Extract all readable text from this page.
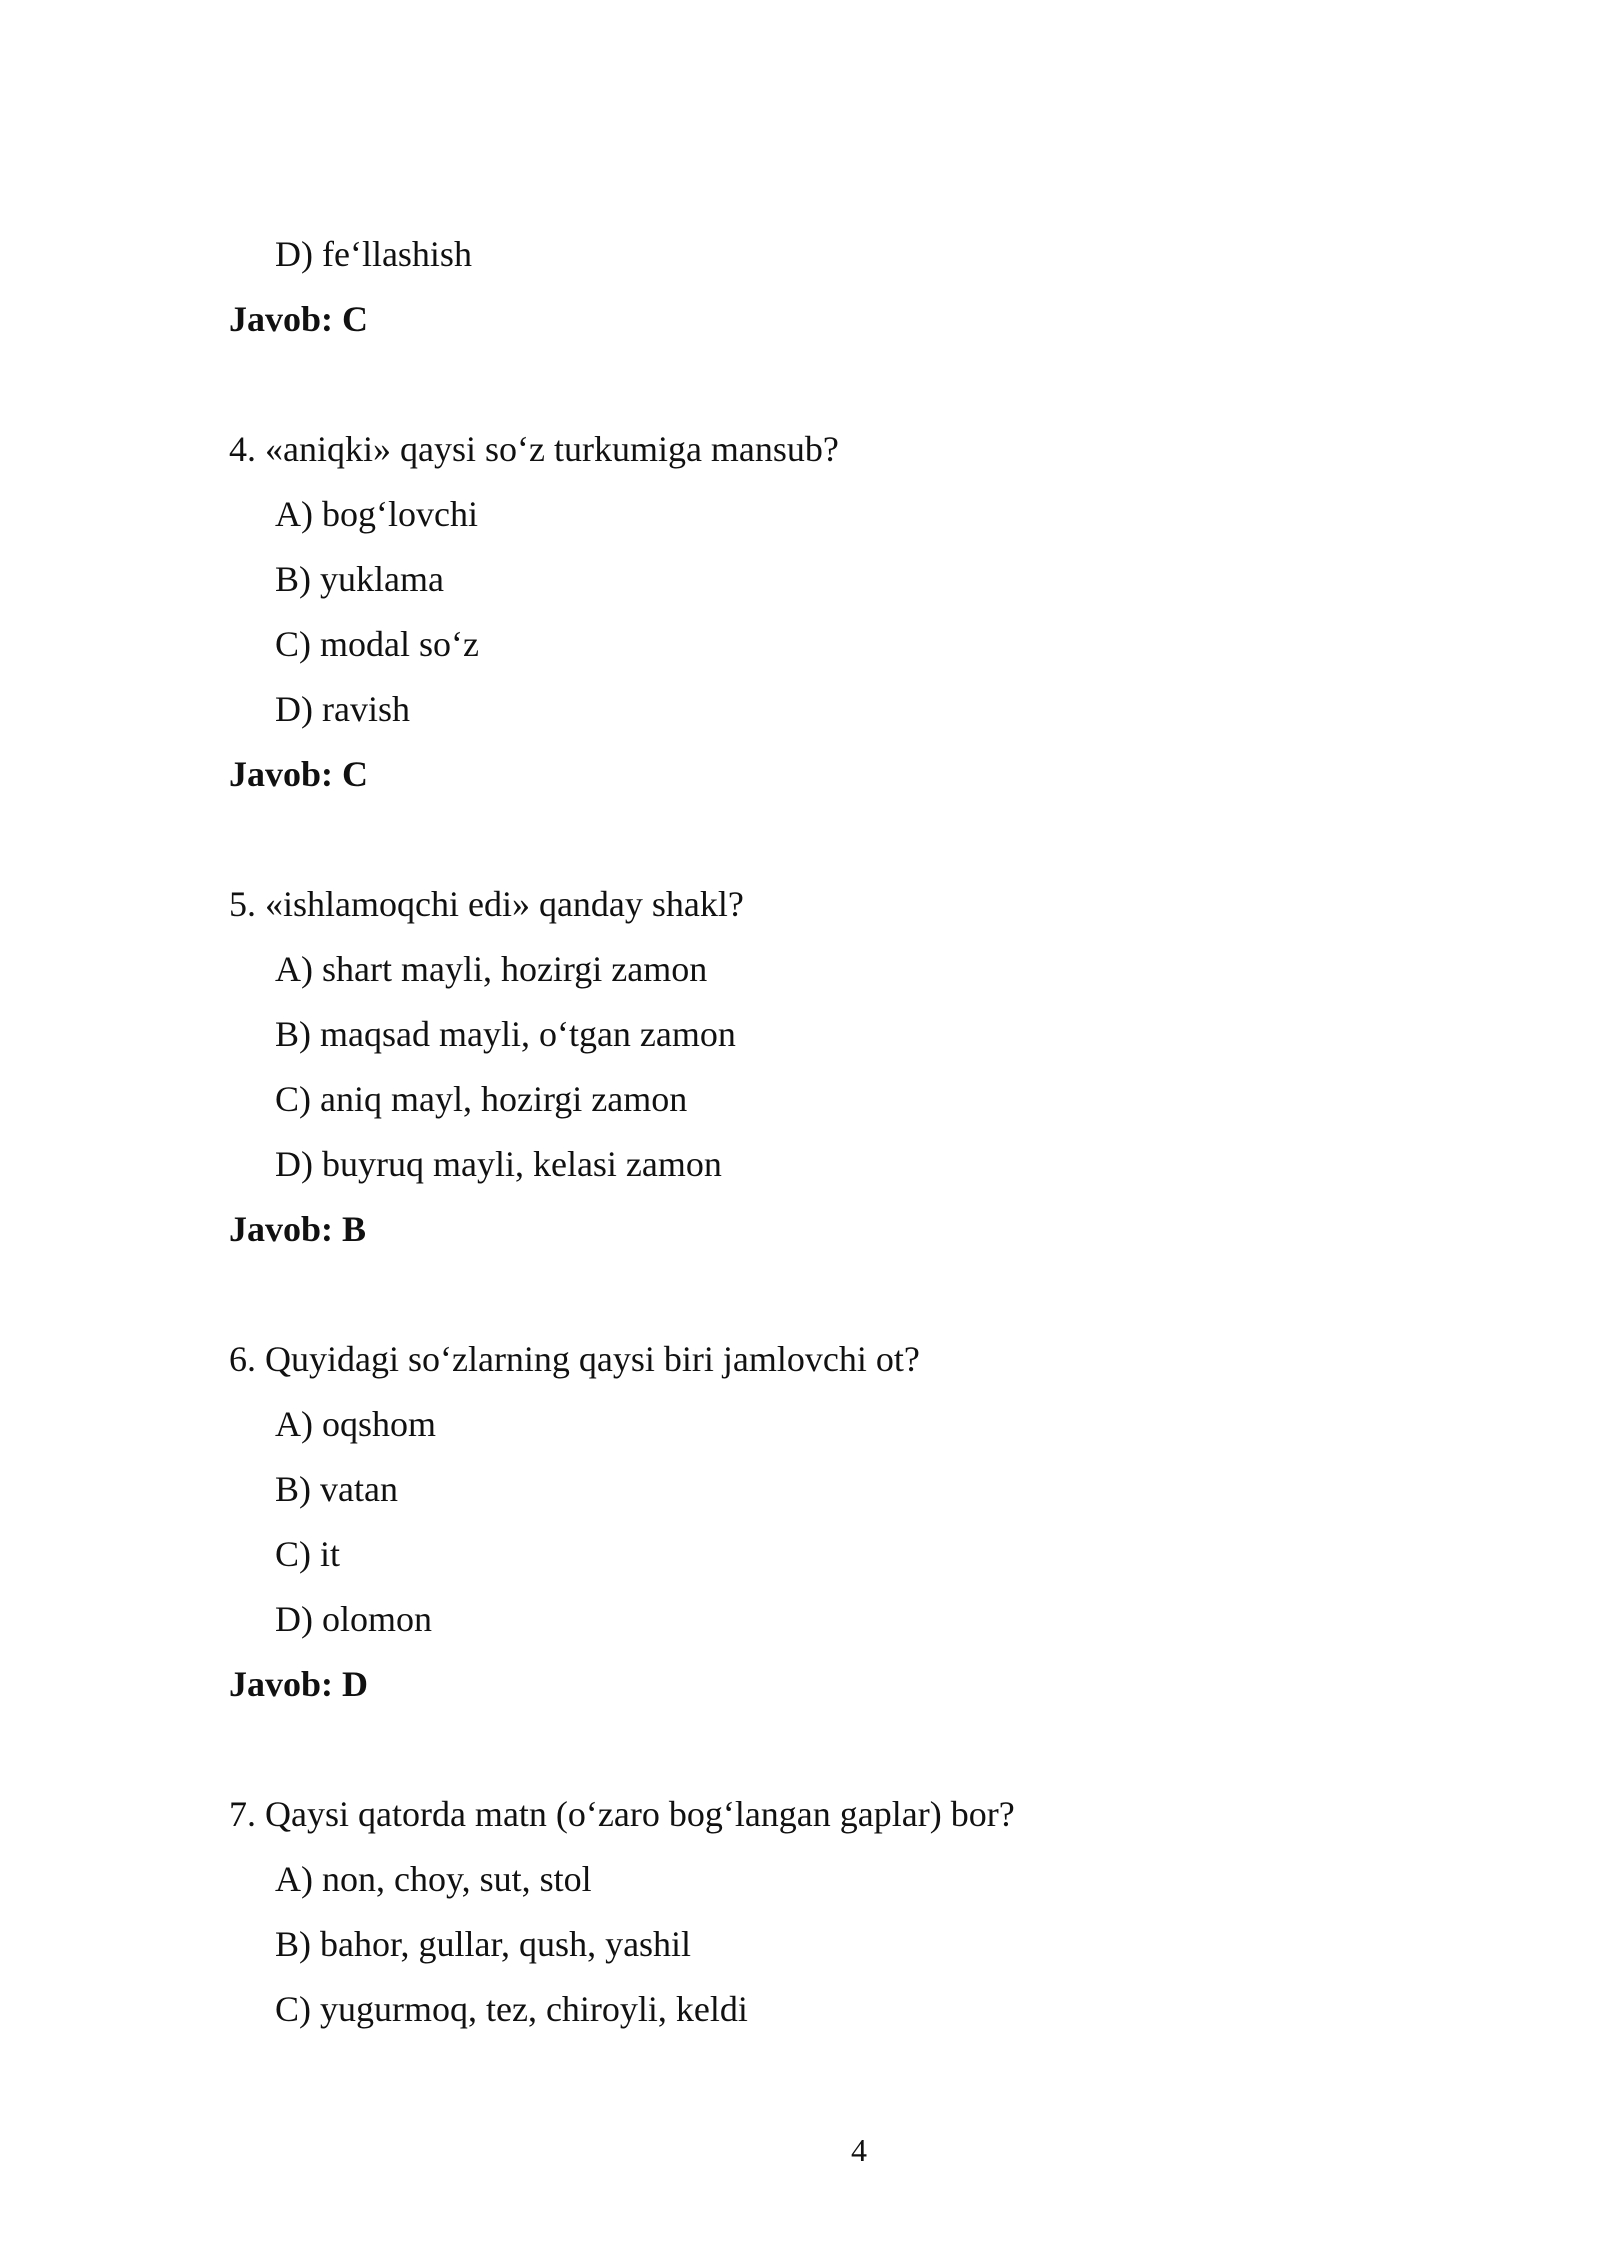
D) fe‘llashish
Javob: C
4. «aniqki» qaysi so‘z turkumiga mansub?
A) bog‘lovchi
B) yuklama
C) modal so‘z
D) ravish
Javob: C
5. «ishlamoqchi edi» qanday shakl?
A) shart mayli, hozirgi zamon
B) maqsad mayli, o‘tgan zamon
C) aniq mayl, hozirgi zamon
D) buyruq mayli, kelasi zamon
Javob: B
6. Quyidagi so‘zlarning qaysi biri jamlovchi ot?
A) oqshom
B) vatan
C) it
D) olomon
Javob: D
7. Qaysi qatorda matn (o‘zaro bog‘langan gaplar) bor?
A) non, choy, sut, stol
B) bahor, gullar, qush, yashil
C) yugurmoq, tez, chiroyli, keldi
4
